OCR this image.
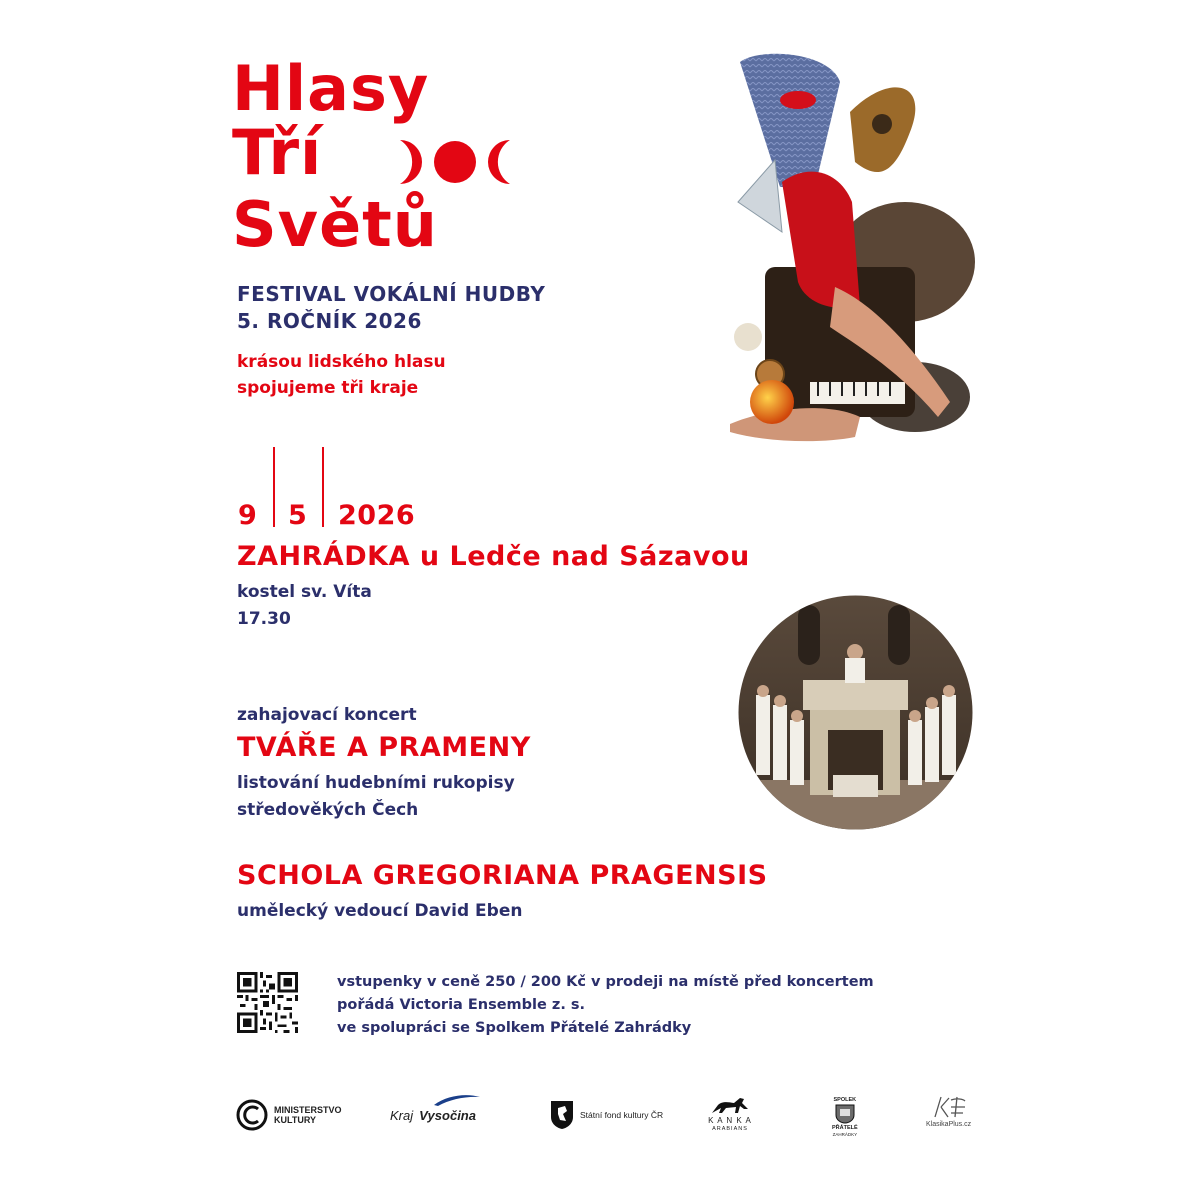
Hlasy
Tří
Světů
FESTIVAL VOKÁLNÍ HUDBY
5. ROČNÍK 2026
krásou lidského hlasu
spojujeme tři kraje
9 5 2026
ZAHRÁDKA u Ledče nad Sázavou
kostel sv. Víta
17.30
zahajovací koncert
TVÁŘE A PRAMENY
listování hudebními rukopisy
středověkých Čech
SCHOLA GREGORIANA PRAGENSIS
umělecký vedoucí David Eben
vstupenky v ceně 250 / 200 Kč v prodeji na místě před koncertem
pořádá Victoria Ensemble z. s.
ve spolupráci se Spolkem Přátelé Zahrádky
MINISTERSTVO
KULTURY	Kraj Vysočina	Státní fond kultury ČR
K A N K A
ARABIANS
SPOLEK
PŘÁTELÉ
ZAHRÁDKY
KlasikaPlus.cz
